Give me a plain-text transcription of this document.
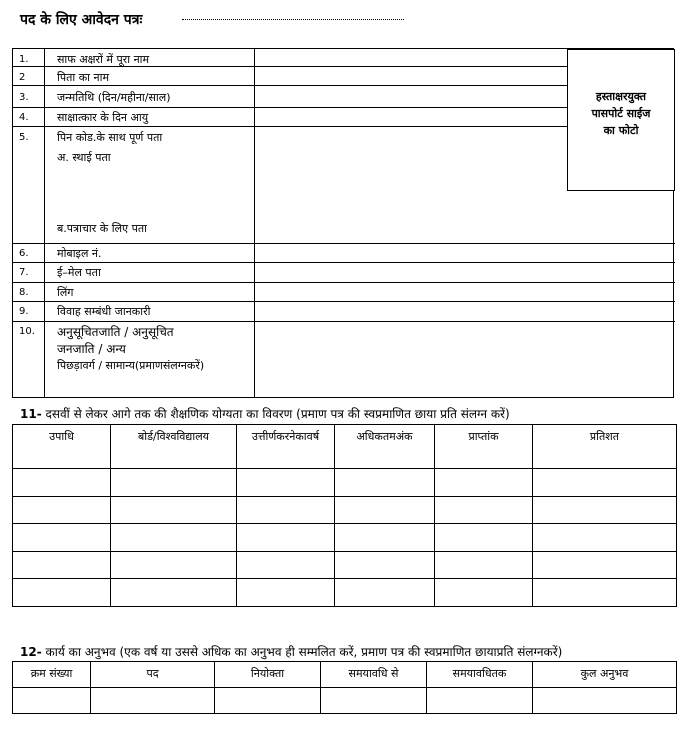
पद के लिए आवेदन पत्रः
1.	साफ अक्षरों में पूरा नाम
2	पिता का नाम
3.	जन्मतिथि (दिन/महीना/साल)
4.	साक्षात्कार के दिन आयु
5.	पिन कोड.के साथ पूर्ण पता
अ. स्थाई पता
ब.पत्राचार के लिए पता
6.	मोबाइल नं.
7.	ई–मेल पता
8.	लिंग
9.	विवाह सम्बंधी जानकारी
10. अनुसूचितजाति / अनुसूचित
जनजाति / अन्य
पिछड़ावर्ग / सामान्य(प्रमाणसंलग्नकरें)
हस्ताक्षरयुक्त
पासपोर्ट साईज
का फोटो
11- दसवीं से लेकर आगे तक की शैक्षणिक योग्यता का विवरण (प्रमाण पत्र की स्वप्रमाणित छाया प्रति संलग्न करें)
उपाधि	बोर्ड/विश्वविद्यालय	उत्तीर्णकरनेकावर्ष	अधिकतमअंक	प्राप्तांक	प्रतिशत

12- कार्य का अनुभव (एक वर्ष या उससे अधिक का अनुभव ही सम्मलित करें, प्रमाण पत्र की स्वप्रमाणित छायाप्रति संलग्नकरें)
क्रम संख्या	पद	नियोक्ता	समयावधि से	समयावधितक	कुल अनुभव
